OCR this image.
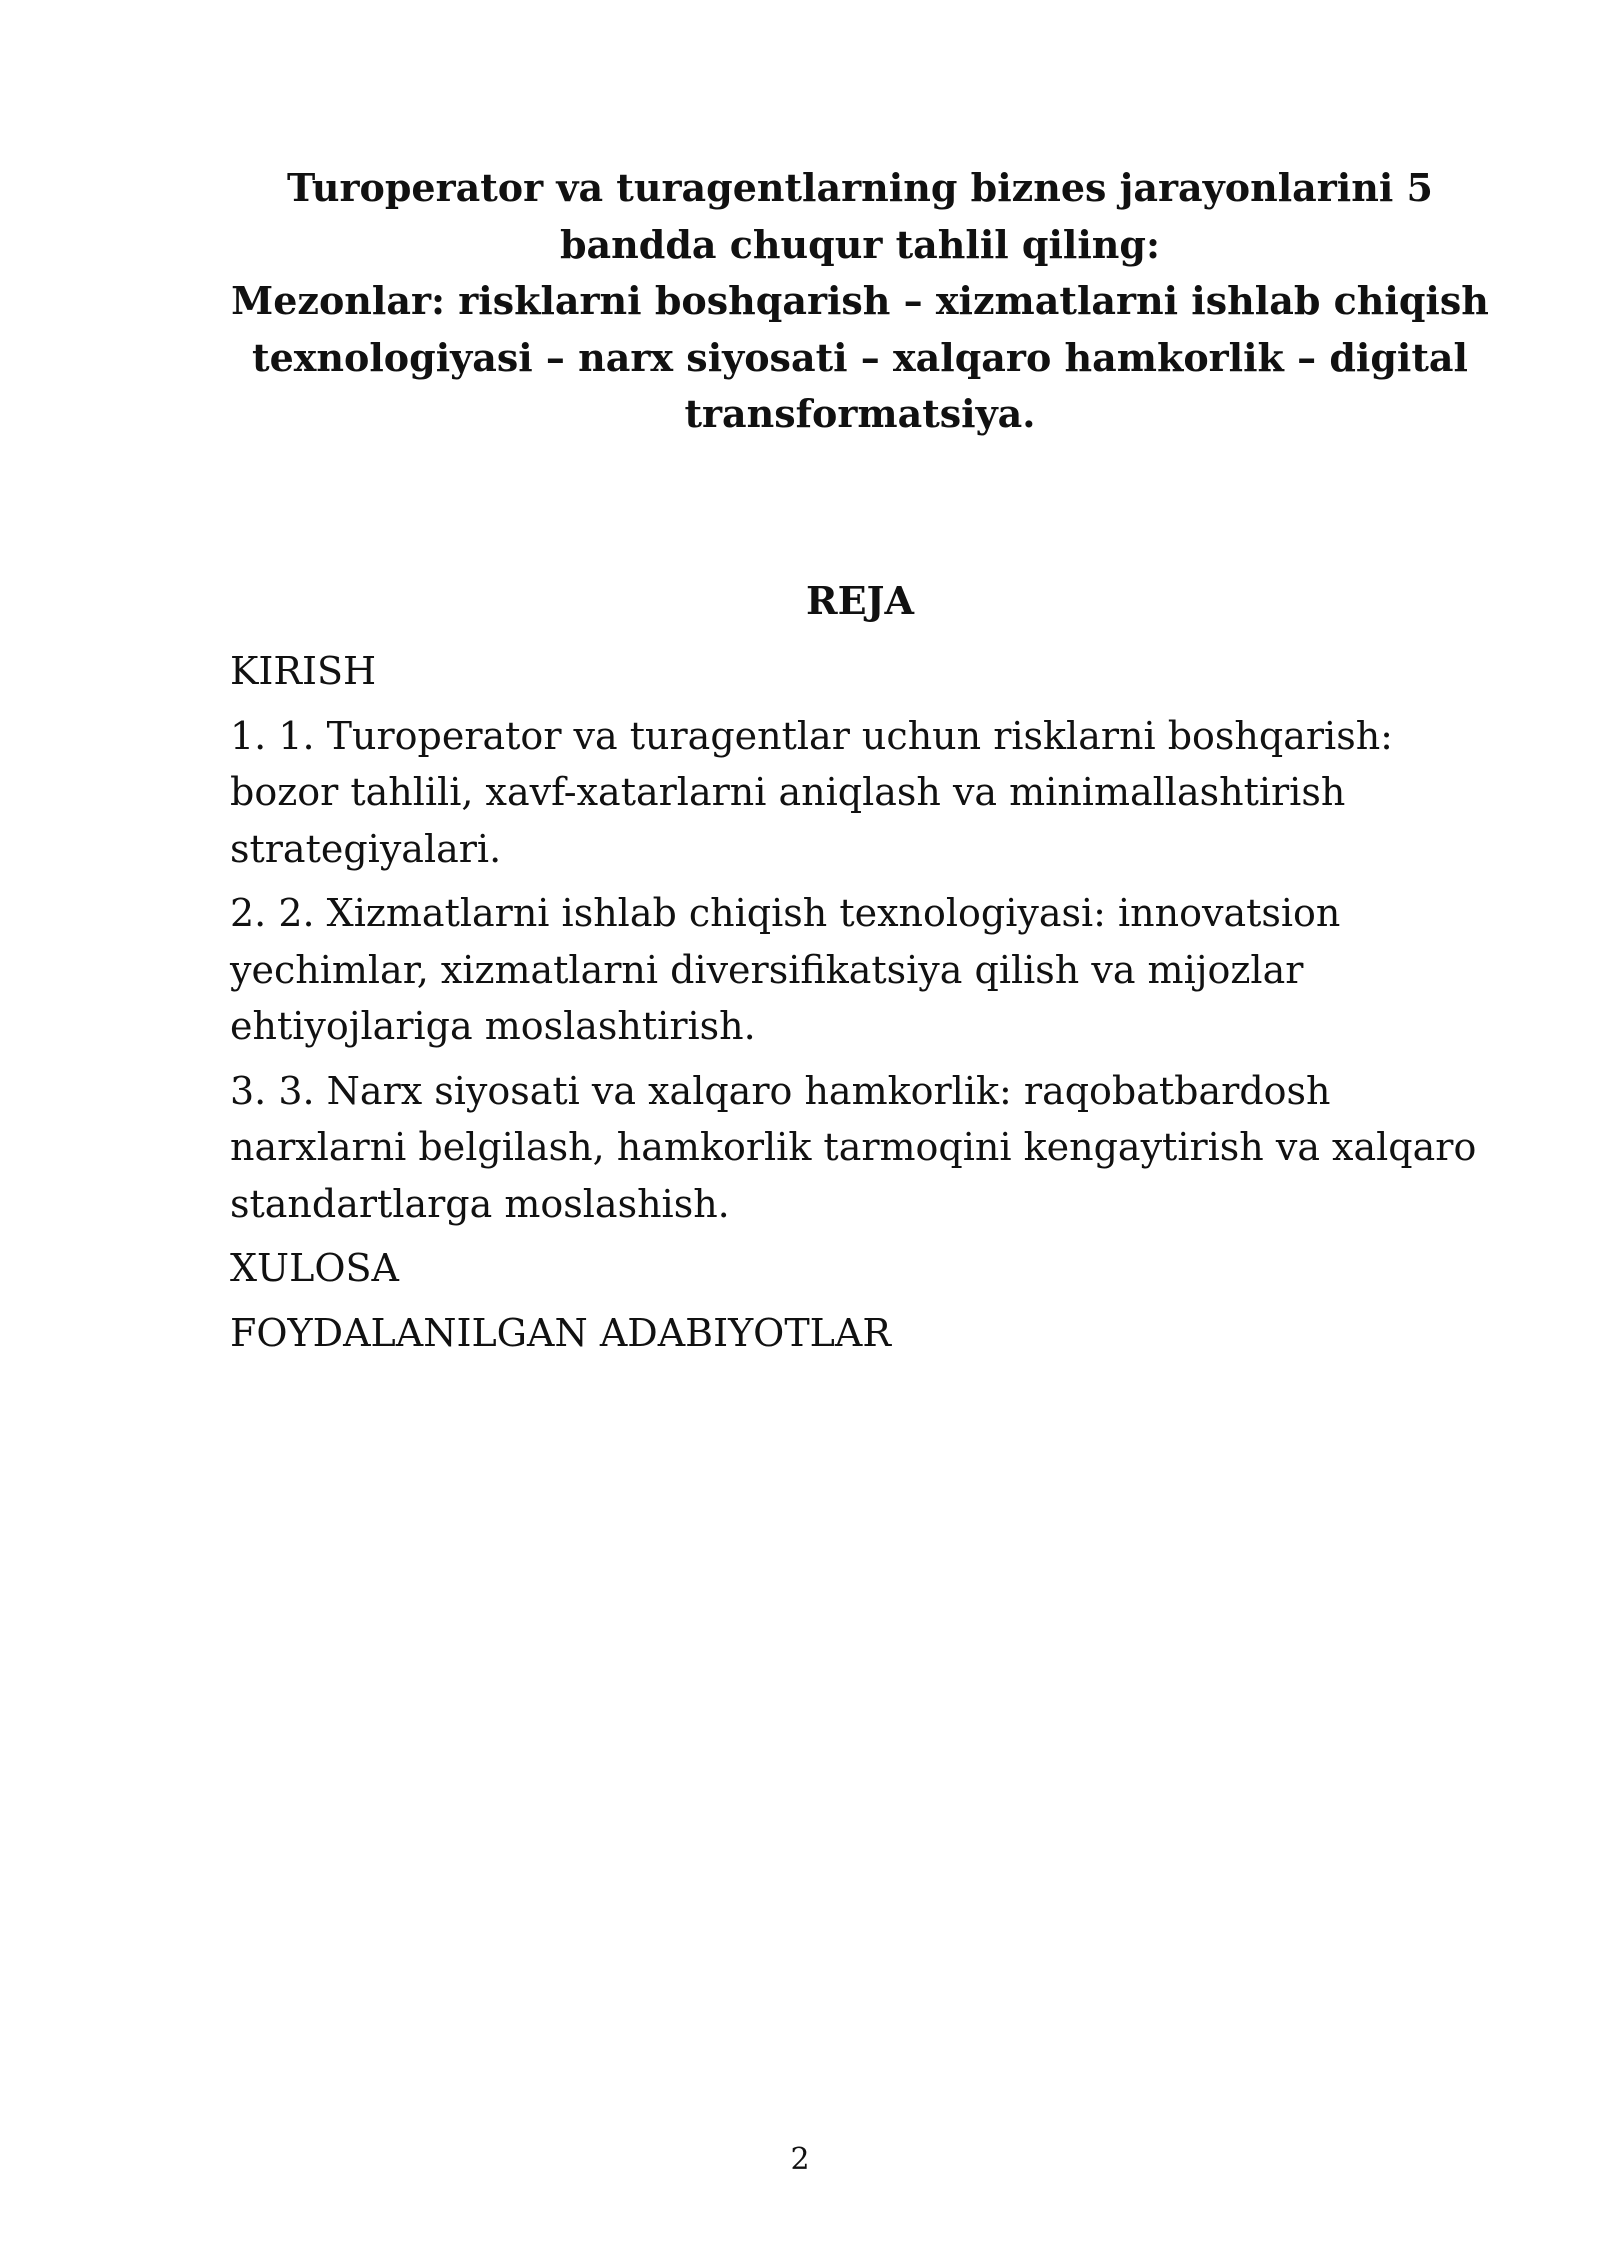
Turoperator va turagentlarning biznes jarayonlarini 5
bandda chuqur tahlil qiling:
Mezonlar: risklarni boshqarish – xizmatlarni ishlab chiqish
texnologiyasi – narx siyosati – xalqaro hamkorlik – digital
transformatsiya.
REJA
KIRISH
1. 1. Turoperator va turagentlar uchun risklarni boshqarish: bozor tahlili, xavf-xatarlarni aniqlash va minimallashtirish strategiyalari.
2. 2. Xizmatlarni ishlab chiqish texnologiyasi: innovatsion yechimlar, xizmatlarni diversifikatsiya qilish va mijozlar ehtiyojlariga moslashtirish.
3. 3. Narx siyosati va xalqaro hamkorlik: raqobatbardosh narxlarni belgilash, hamkorlik tarmoqini kengaytirish va xalqaro standartlarga moslashish.
XULOSA
FOYDALANILGAN ADABIYOTLAR
2
